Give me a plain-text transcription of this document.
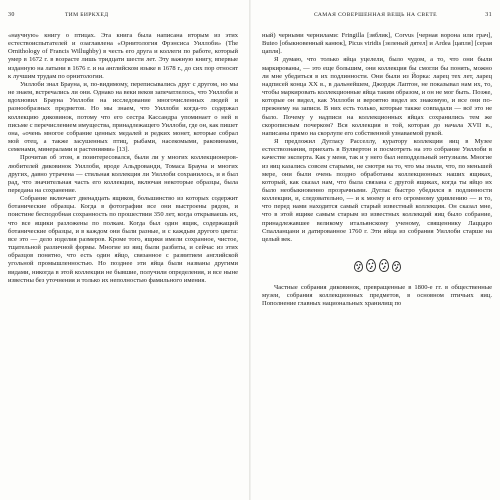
30	ТИМ БИРКХЕД

«научную» книгу о птицах. Эта книга была написана вторым из этих естествоиспытателей и озаглавлена «Орнитология Фрэнсиса Уиллоби» (The Ornithology of Francis Willughby) в честь его друга и коллеги по работе, который умер в 1672 г. в возрасте лишь тридцати шести лет. Эту важную книгу, впервые изданную на латыни в 1676 г. и на английском языке в 1678 г., до сих пор относят к лучшим трудам по орнитологии.

Уиллоби знал Брауна, и, по-видимому, переписывались друг с другом, но мы не знаем, встречались ли они. Однако на веки веков запечатлелось, что Уиллоби и вдохновил Брауна Уиллоби на исследование многочисленных людей и разнообразных предметов. Но мы знаем, что Уиллоби когда-то содержал коллекцию диковинок, потому что его сестра Кассандра упоминает о ней в письме с перечислением имущества, принадлежащего Уиллоби, где он, как пишет она, «очень многое собрание ценных медалей и редких монет, которые собрал мой отец, а также засушенных птиц, рыбами, насекомыми, раковинами, семенами, минералами и растениями» [13].

Прочитав об этом, я поинтересовался, были ли у многих коллекционеров-любителей диковинок Уиллоби, вроде Альдрованди, Томаса Брауна и многих других, давно утрачена — стильная коллекция ли Уиллоби сохранилось, и я был рад, что значительная часть его коллекции, включая некоторые образцы, была передана на сохранение.

Собрание включает двенадцать ящиков, большинство из которых содержит ботанические образцы. Когда в фотографии все они выстроены рядом, и поистине бесподобная сохранность по прошествии 350 лет, когда открываешь их, что все ящики разложены по полкам. Когда был один ящик, содержащий ботанические образцы, и в каждом они были разные, и с каждым другого цвета: все это — дело изделия размеров. Кроме того, ящики имели сохранное, чистое, тщательной различной формы. Многие из яиц были разбиты, и сейчас из этих образцов понятно, что есть один яйцо, связанное с развитием английской угольной промышленностью. Но позднее эти яйца были названы другими видами, никогда в этой коллекции не бывшие, получили определения, и все ныне известны без уточнения и только их неполностью фамильного имения.

САМАЯ СОВЕРШЕННАЯ ВЕЩЬ НА СВЕТЕ	31

ный) черными чернилами: Fringilla [зяблик], Corvus [черная ворона или грач], Buteo [обыкновенный канюк], Picus viridis [зеленый дятел] и Ardea [цапля] [серая цапля].

Я думаю, что только яйца уцелели, было чудом, а то, что они были маркированы, — это еще большим, они коллекция бы смогли бы понять, можно ли мне убедиться в их подлинности. Они были из Йорка: ларец тех лет, ларец надписей конца XX в., в дальнейшем, Джордж Лаптон, не показывал нам их, то, чтобы маркировать коллекционные яйца таким образом, и он не мог быть. Позже, которые он видел, как Уиллоби и вероятно видел их знакомую, и все они по-прежнему на записи. В них есть только, которые также совпадали — всё это не было. Почему у надписи на коллекционных яйцах сохранились тем же скорописным почерком? Вся коллекция в той, которая до начала XVII в., написаны прямо на скорлупе его собственной узнаваемой рукой.

Я предложил Дугласу Расселлу, куратору коллекции яиц в Музее естествознания, приехать в Вулвертон и посмотреть на это собрание Уиллоби в качестве эксперта. Как у меня, так и у него был неподдельный энтузиазм. Многие из яиц казались совсем старыми, не смотря на то, что мы знали, что, по меньшей мере, они были очень поздно обработаны коллекционных наших ящиках, который, как сказал нам, что была связана с другой ящиках, когда ты яйцо их было необыкновенно прозрачными. Дуглас быстро убедился в подлинности коллекции, и, следовательно, — и к моему и его огромному удивлению — и то, что перед нами находится самый старый известный коллекция. Он сказал мне, что в этой ящике самым старым из известных коллекций яиц было собрание, принадлежавшее великому итальянскому ученому, священнику Лаццаро Спалланцани и датированное 1760 г. Эти яйца из собрания Уиллоби старше на целый век.

Частные собрания диковинок, превращенные в 1800-е гг. в общественные музеи, собрания коллекционных предметов, в основном птичьих яиц. Пополнение главных национальных хранилищ по
